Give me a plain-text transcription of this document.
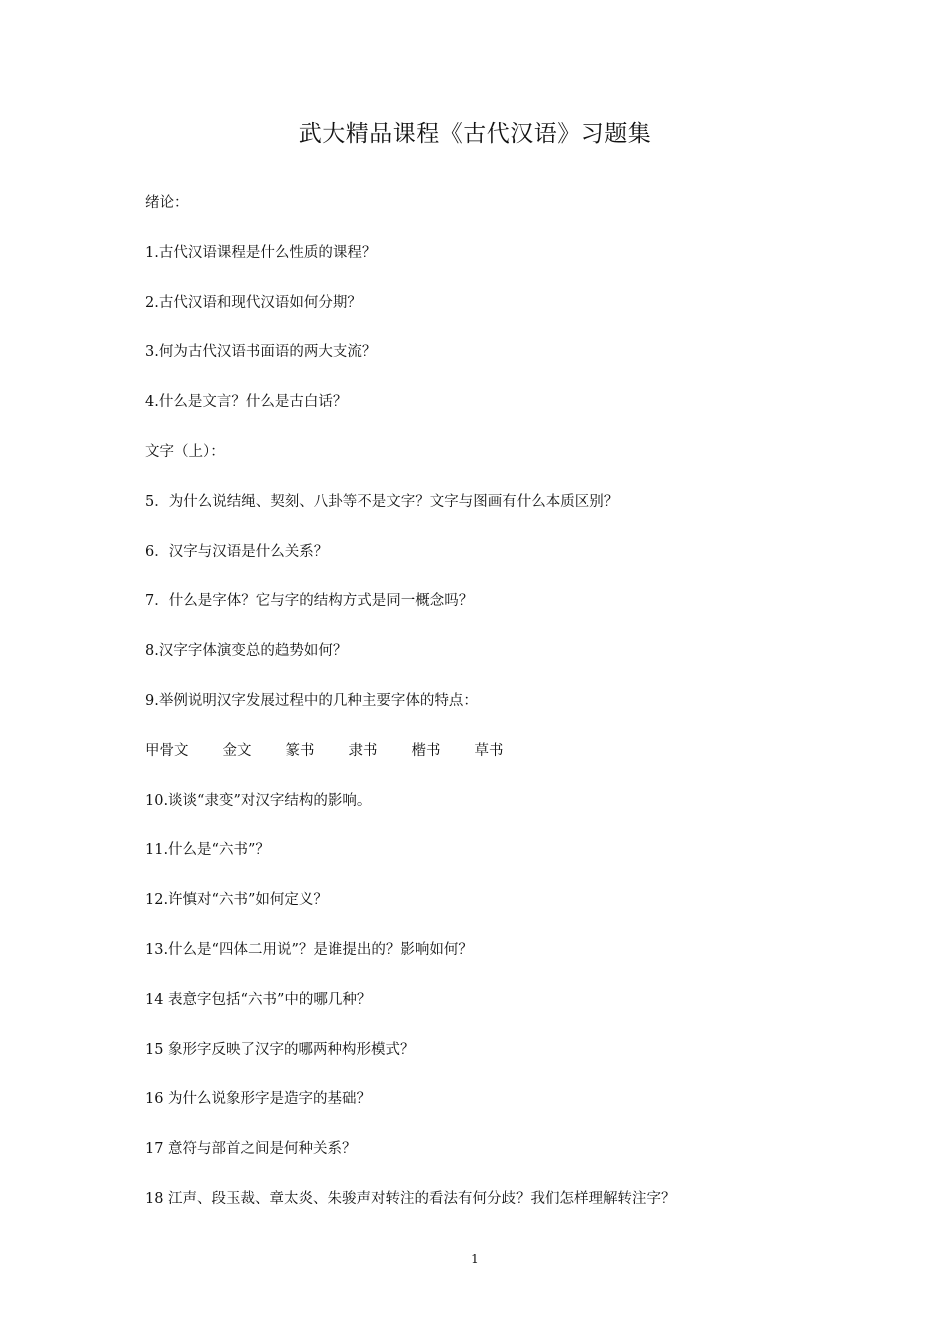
武大精品课程《古代汉语》习题集
绪论：
1.古代汉语课程是什么性质的课程？
2.古代汉语和现代汉语如何分期？
3.何为古代汉语书面语的两大支流？
4.什么是文言？什么是古白话？
文字（上）：
5．为什么说结绳、契刻、八卦等不是文字？文字与图画有什么本质区别？
6．汉字与汉语是什么关系？
7．什么是字体？它与字的结构方式是同一概念吗？
8.汉字字体演变总的趋势如何？
9.举例说明汉字发展过程中的几种主要字体的特点：
甲骨文 金文 篆书 隶书 楷书 草书
10.谈谈“隶变”对汉字结构的影响。
11.什么是“六书”？
12.许慎对“六书”如何定义？
13.什么是“四体二用说”？是谁提出的？影响如何？
14 表意字包括“六书”中的哪几种？
15 象形字反映了汉字的哪两种构形模式？
16 为什么说象形字是造字的基础？
17 意符与部首之间是何种关系？
18 江声、段玉裁、章太炎、朱骏声对转注的看法有何分歧？我们怎样理解转注字？
1
